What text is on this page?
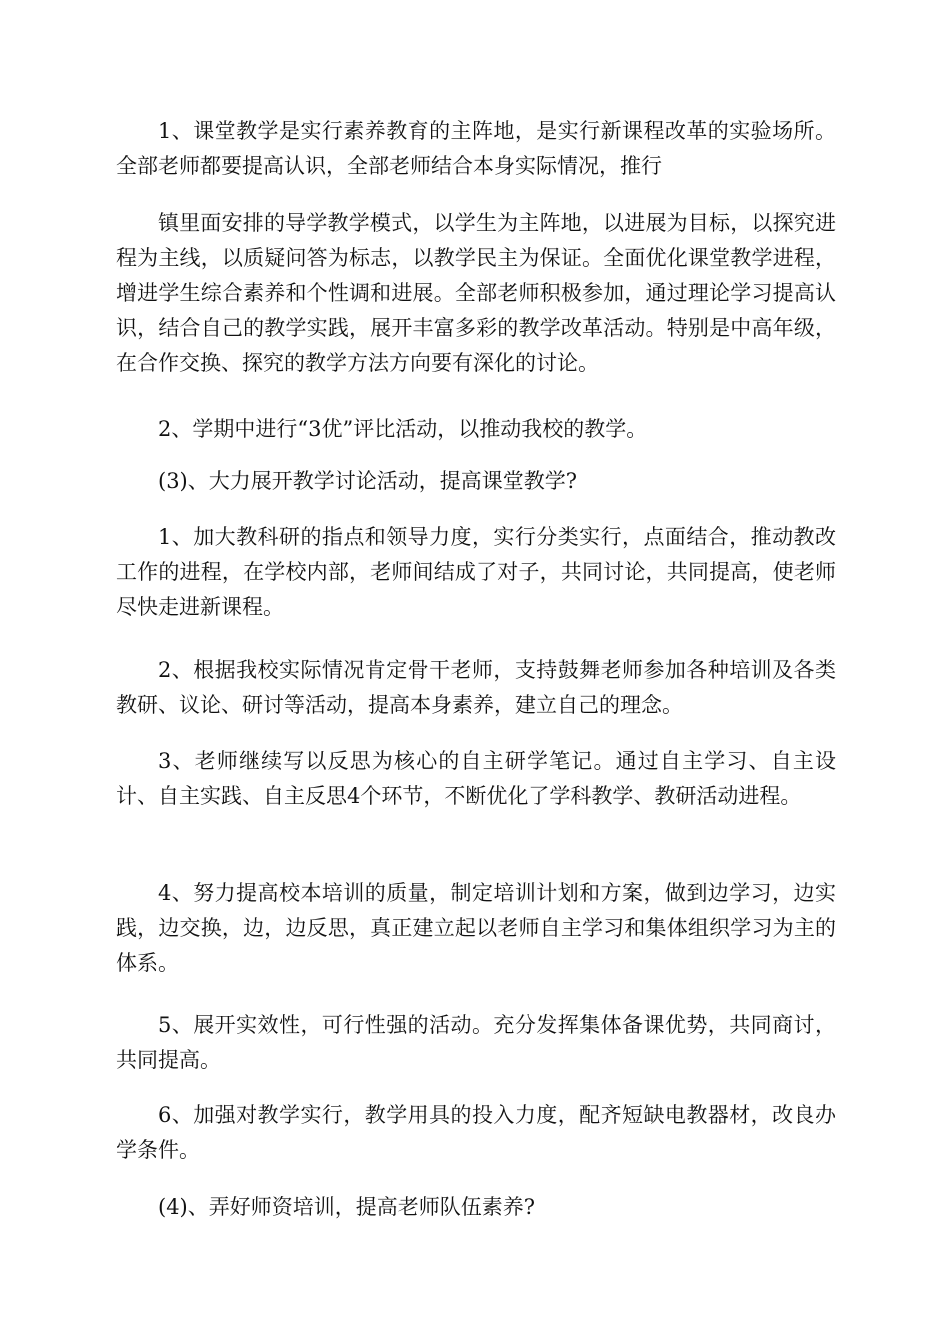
1、课堂教学是实行素养教育的主阵地，是实行新课程改革的实验场所。全部老师都要提高认识，全部老师结合本身实际情况，推行

镇里面安排的导学教学模式，以学生为主阵地，以进展为目标，以探究进程为主线，以质疑问答为标志，以教学民主为保证。全面优化课堂教学进程，增进学生综合素养和个性调和进展。全部老师积极参加，通过理论学习提高认识，结合自己的教学实践，展开丰富多彩的教学改革活动。特别是中高年级，在合作交换、探究的教学方法方向要有深化的讨论。

2、学期中进行“3优”评比活动，以推动我校的教学。

(3)、大力展开教学讨论活动，提高课堂教学?

1、加大教科研的指点和领导力度，实行分类实行，点面结合，推动教改工作的进程，在学校内部，老师间结成了对子，共同讨论，共同提高，使老师尽快走进新课程。

2、根据我校实际情况肯定骨干老师，支持鼓舞老师参加各种培训及各类教研、议论、研讨等活动，提高本身素养，建立自己的理念。

3、老师继续写以反思为核心的自主研学笔记。通过自主学习、自主设计、自主实践、自主反思4个环节，不断优化了学科教学、教研活动进程。

4、努力提高校本培训的质量，制定培训计划和方案，做到边学习，边实践，边交换，边，边反思，真正建立起以老师自主学习和集体组织学习为主的体系。

5、展开实效性，可行性强的活动。充分发挥集体备课优势，共同商讨，共同提高。

6、加强对教学实行，教学用具的投入力度，配齐短缺电教器材，改良办学条件。

(4)、弄好师资培训，提高老师队伍素养?
